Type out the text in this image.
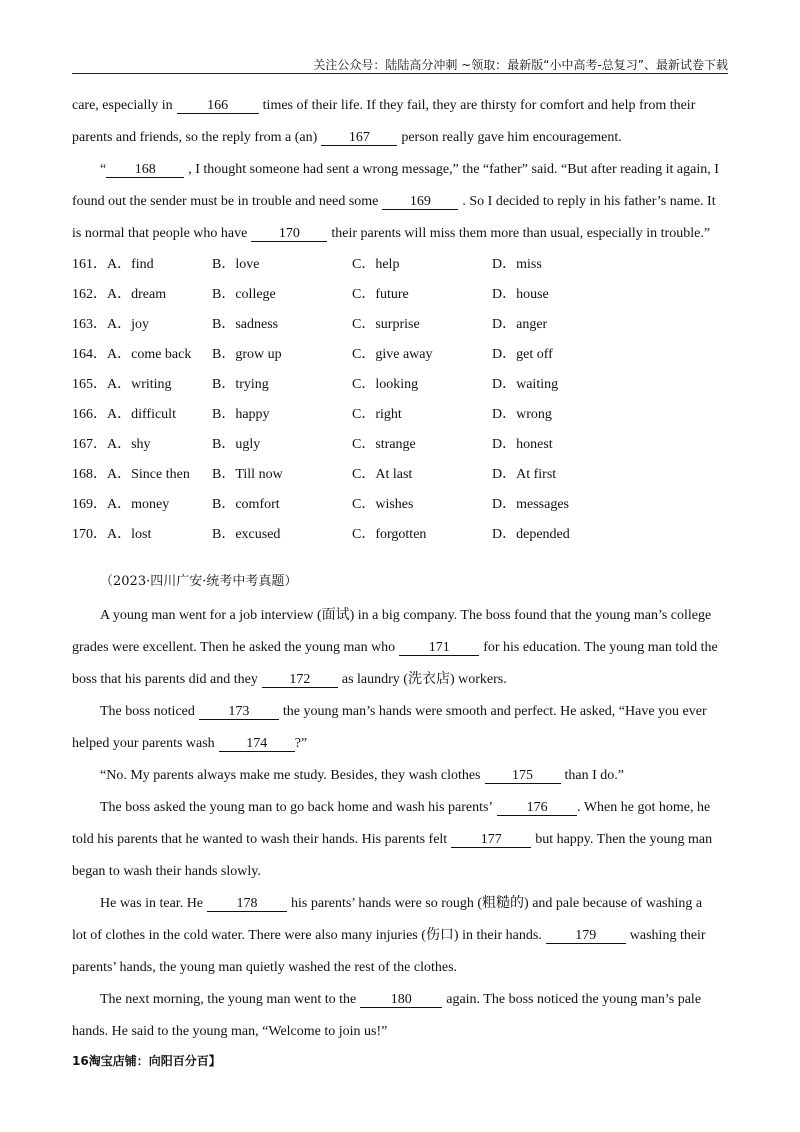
关注公众号：陆陆高分冲刺 ~领取：最新版“小中高考-总复习”、最新试卷下载
care, especially in 166 times of their life. If they fail, they are thirsty for comfort and help from their
parents and friends, so the reply from a (an) 167 person really gave him encouragement.
“ 168 , I thought someone had sent a wrong message,” the “father” said. “But after reading it again, I
found out the sender must be in trouble and need some 169 . So I decided to reply in his father’s name. It
is normal that people who have 170 their parents will miss them more than usual, especially in trouble.”
161．A．find	B．love	C．help	D．miss
162．A．dream	B．college	C．future	D．house
163．A．joy	B．sadness	C．surprise	D．anger
164．A．come back	B．grow up	C．give away	D．get off
165．A．writing	B．trying	C．looking	D．waiting
166．A．difficult	B．happy	C．right	D．wrong
167．A．shy	B．ugly	C．strange	D．honest
168．A．Since then	B．Till now	C．At last	D．At first
169．A．money	B．comfort	C．wishes	D．messages
170．A．lost	B．excused	C．forgotten	D．depended
（2023·四川广安·统考中考真题）
A young man went for a job interview (面试) in a big company. The boss found that the young man’s college
grades were excellent. Then he asked the young man who 171 for his education. The young man told the
boss that his parents did and they 172 as laundry (洗衣店) workers.
The boss noticed 173 the young man’s hands were smooth and perfect. He asked, “Have you ever
helped your parents wash 174 ?”
“No. My parents always make me study. Besides, they wash clothes 175 than I do.”
The boss asked the young man to go back home and wash his parents’ 176 . When he got home, he
told his parents that he wanted to wash their hands. His parents felt 177 but happy. Then the young man
began to wash their hands slowly.
He was in tear. He 178 his parents’ hands were so rough (粗糙的) and pale because of washing a
lot of clothes in the cold water. There were also many injuries (伤口) in their hands. 179 washing their
parents’ hands, the young man quietly washed the rest of the clothes.
The next morning, the young man went to the 180 again. The boss noticed the young man’s pale
hands. He said to the young man, “Welcome to join us!”
16淘宝店铺：向阳百分百】
